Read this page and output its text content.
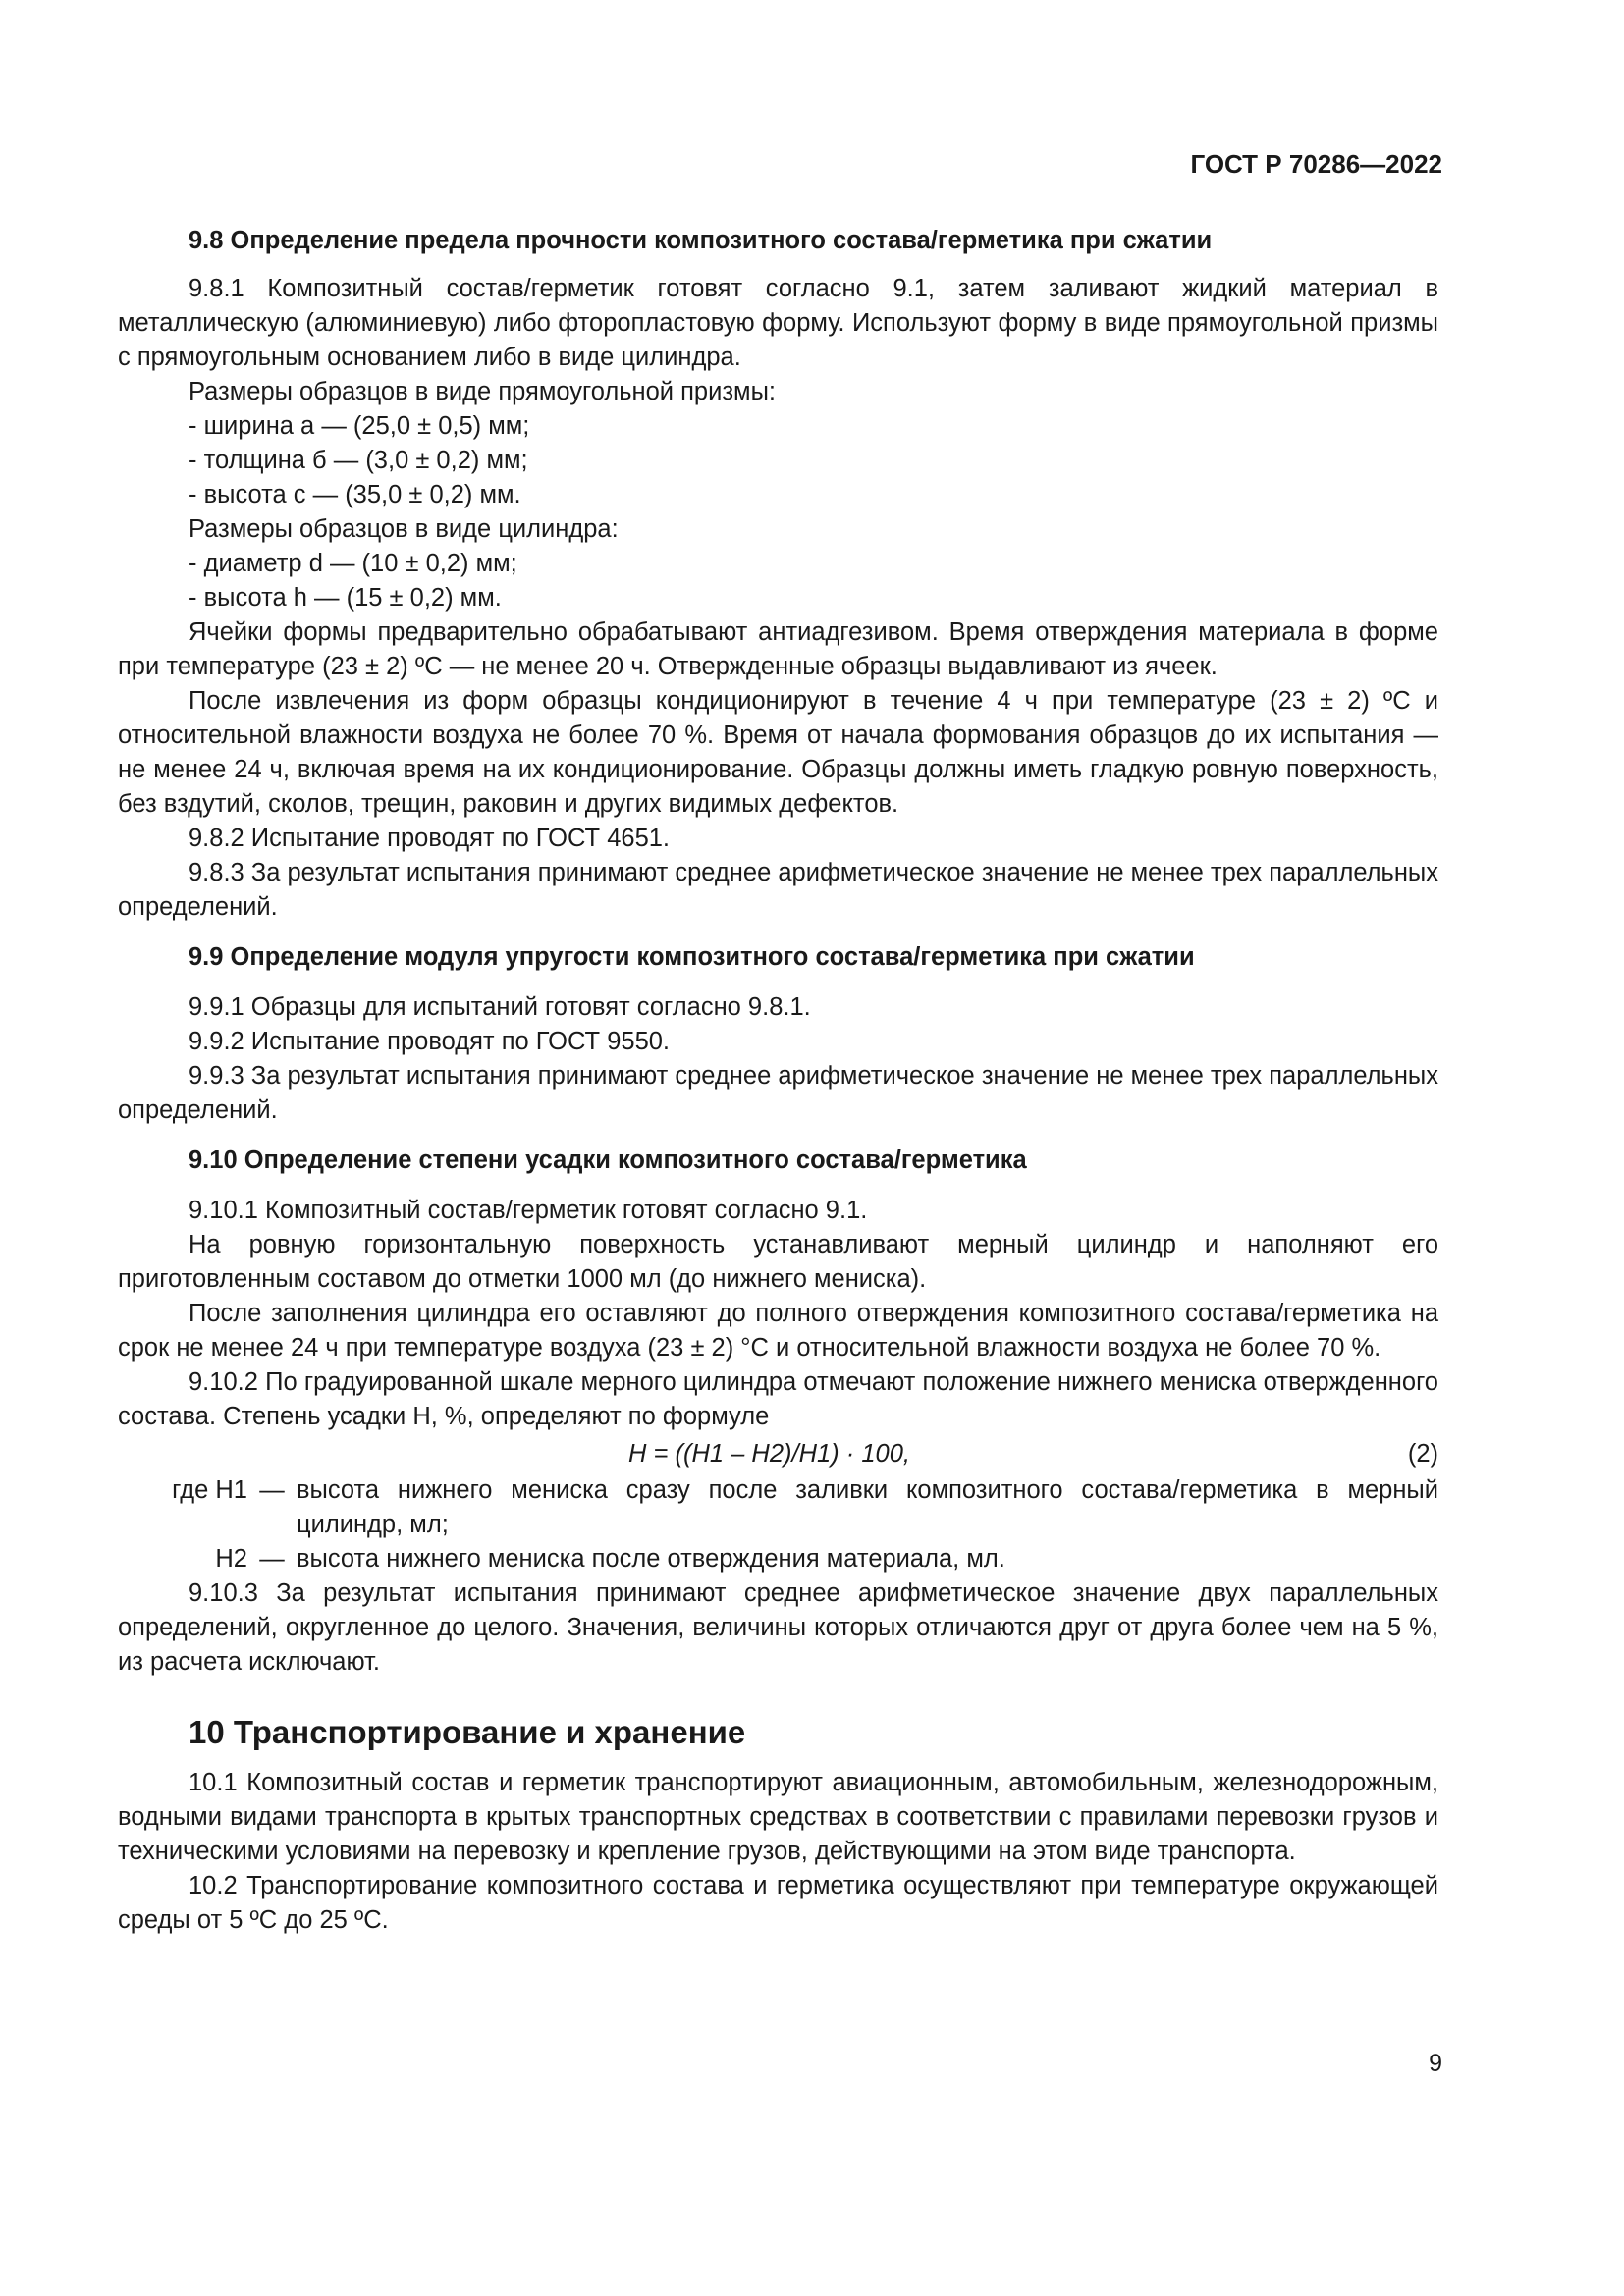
ГОСТ Р 70286—2022

9.8 Определение предела прочности композитного состава/герметика при сжатии

9.8.1 Композитный состав/герметик готовят согласно 9.1, затем заливают жидкий материал в металлическую (алюминиевую) либо фторопластовую форму. Используют форму в виде прямоугольной призмы с прямоугольным основанием либо в виде цилиндра.

Размеры образцов в виде прямоугольной призмы:

- ширина а — (25,0 ± 0,5) мм;

- толщина б — (3,0 ± 0,2) мм;

- высота с — (35,0 ± 0,2) мм.

Размеры образцов в виде цилиндра:

- диаметр d — (10 ± 0,2) мм;

- высота h — (15 ± 0,2) мм.

Ячейки формы предварительно обрабатывают антиадгезивом. Время отверждения материала в форме при температуре (23 ± 2) ºС — не менее 20 ч. Отвержденные образцы выдавливают из ячеек.

После извлечения из форм образцы кондиционируют в течение 4 ч при температуре (23 ± 2) ºС и относительной влажности воздуха не более 70 %. Время от начала формования образцов до их испытания — не менее 24 ч, включая время на их кондиционирование. Образцы должны иметь гладкую ровную поверхность, без вздутий, сколов, трещин, раковин и других видимых дефектов.

9.8.2 Испытание проводят по ГОСТ 4651.

9.8.3 За результат испытания принимают среднее арифметическое значение не менее трех параллельных определений.

9.9 Определение модуля упругости композитного состава/герметика при сжатии

9.9.1 Образцы для испытаний готовят согласно 9.8.1.

9.9.2 Испытание проводят по ГОСТ 9550.

9.9.3 За результат испытания принимают среднее арифметическое значение не менее трех параллельных определений.

9.10 Определение степени усадки композитного состава/герметика

9.10.1 Композитный состав/герметик готовят согласно 9.1.

На ровную горизонтальную поверхность устанавливают мерный цилиндр и наполняют его приготовленным составом до отметки 1000 мл (до нижнего мениска).

После заполнения цилиндра его оставляют до полного отверждения композитного состава/герметика на срок не менее 24 ч при температуре воздуха (23 ± 2) °С и относительной влажности воздуха не более 70 %.

9.10.2 По градуированной шкале мерного цилиндра отмечают положение нижнего мениска отвержденного состава. Степень усадки Н, %, определяют по формуле

Н = ((Н1 – Н2)/Н1) · 100,	(2)
где Н1 — высота нижнего мениска сразу после заливки композитного состава/герметика в мерный цилиндр, мл;
Н2 — высота нижнего мениска после отверждения материала, мл.

9.10.3 За результат испытания принимают среднее арифметическое значение двух параллельных определений, округленное до целого. Значения, величины которых отличаются друг от друга более чем на 5 %, из расчета исключают.

10 Транспортирование и хранение

10.1 Композитный состав и герметик транспортируют авиационным, автомобильным, железнодорожным, водными видами транспорта в крытых транспортных средствах в соответствии с правилами перевозки грузов и техническими условиями на перевозку и крепление грузов, действующими на этом виде транспорта.

10.2 Транспортирование композитного состава и герметика осуществляют при температуре окружающей среды от 5 ºС до 25 ºС.

9
